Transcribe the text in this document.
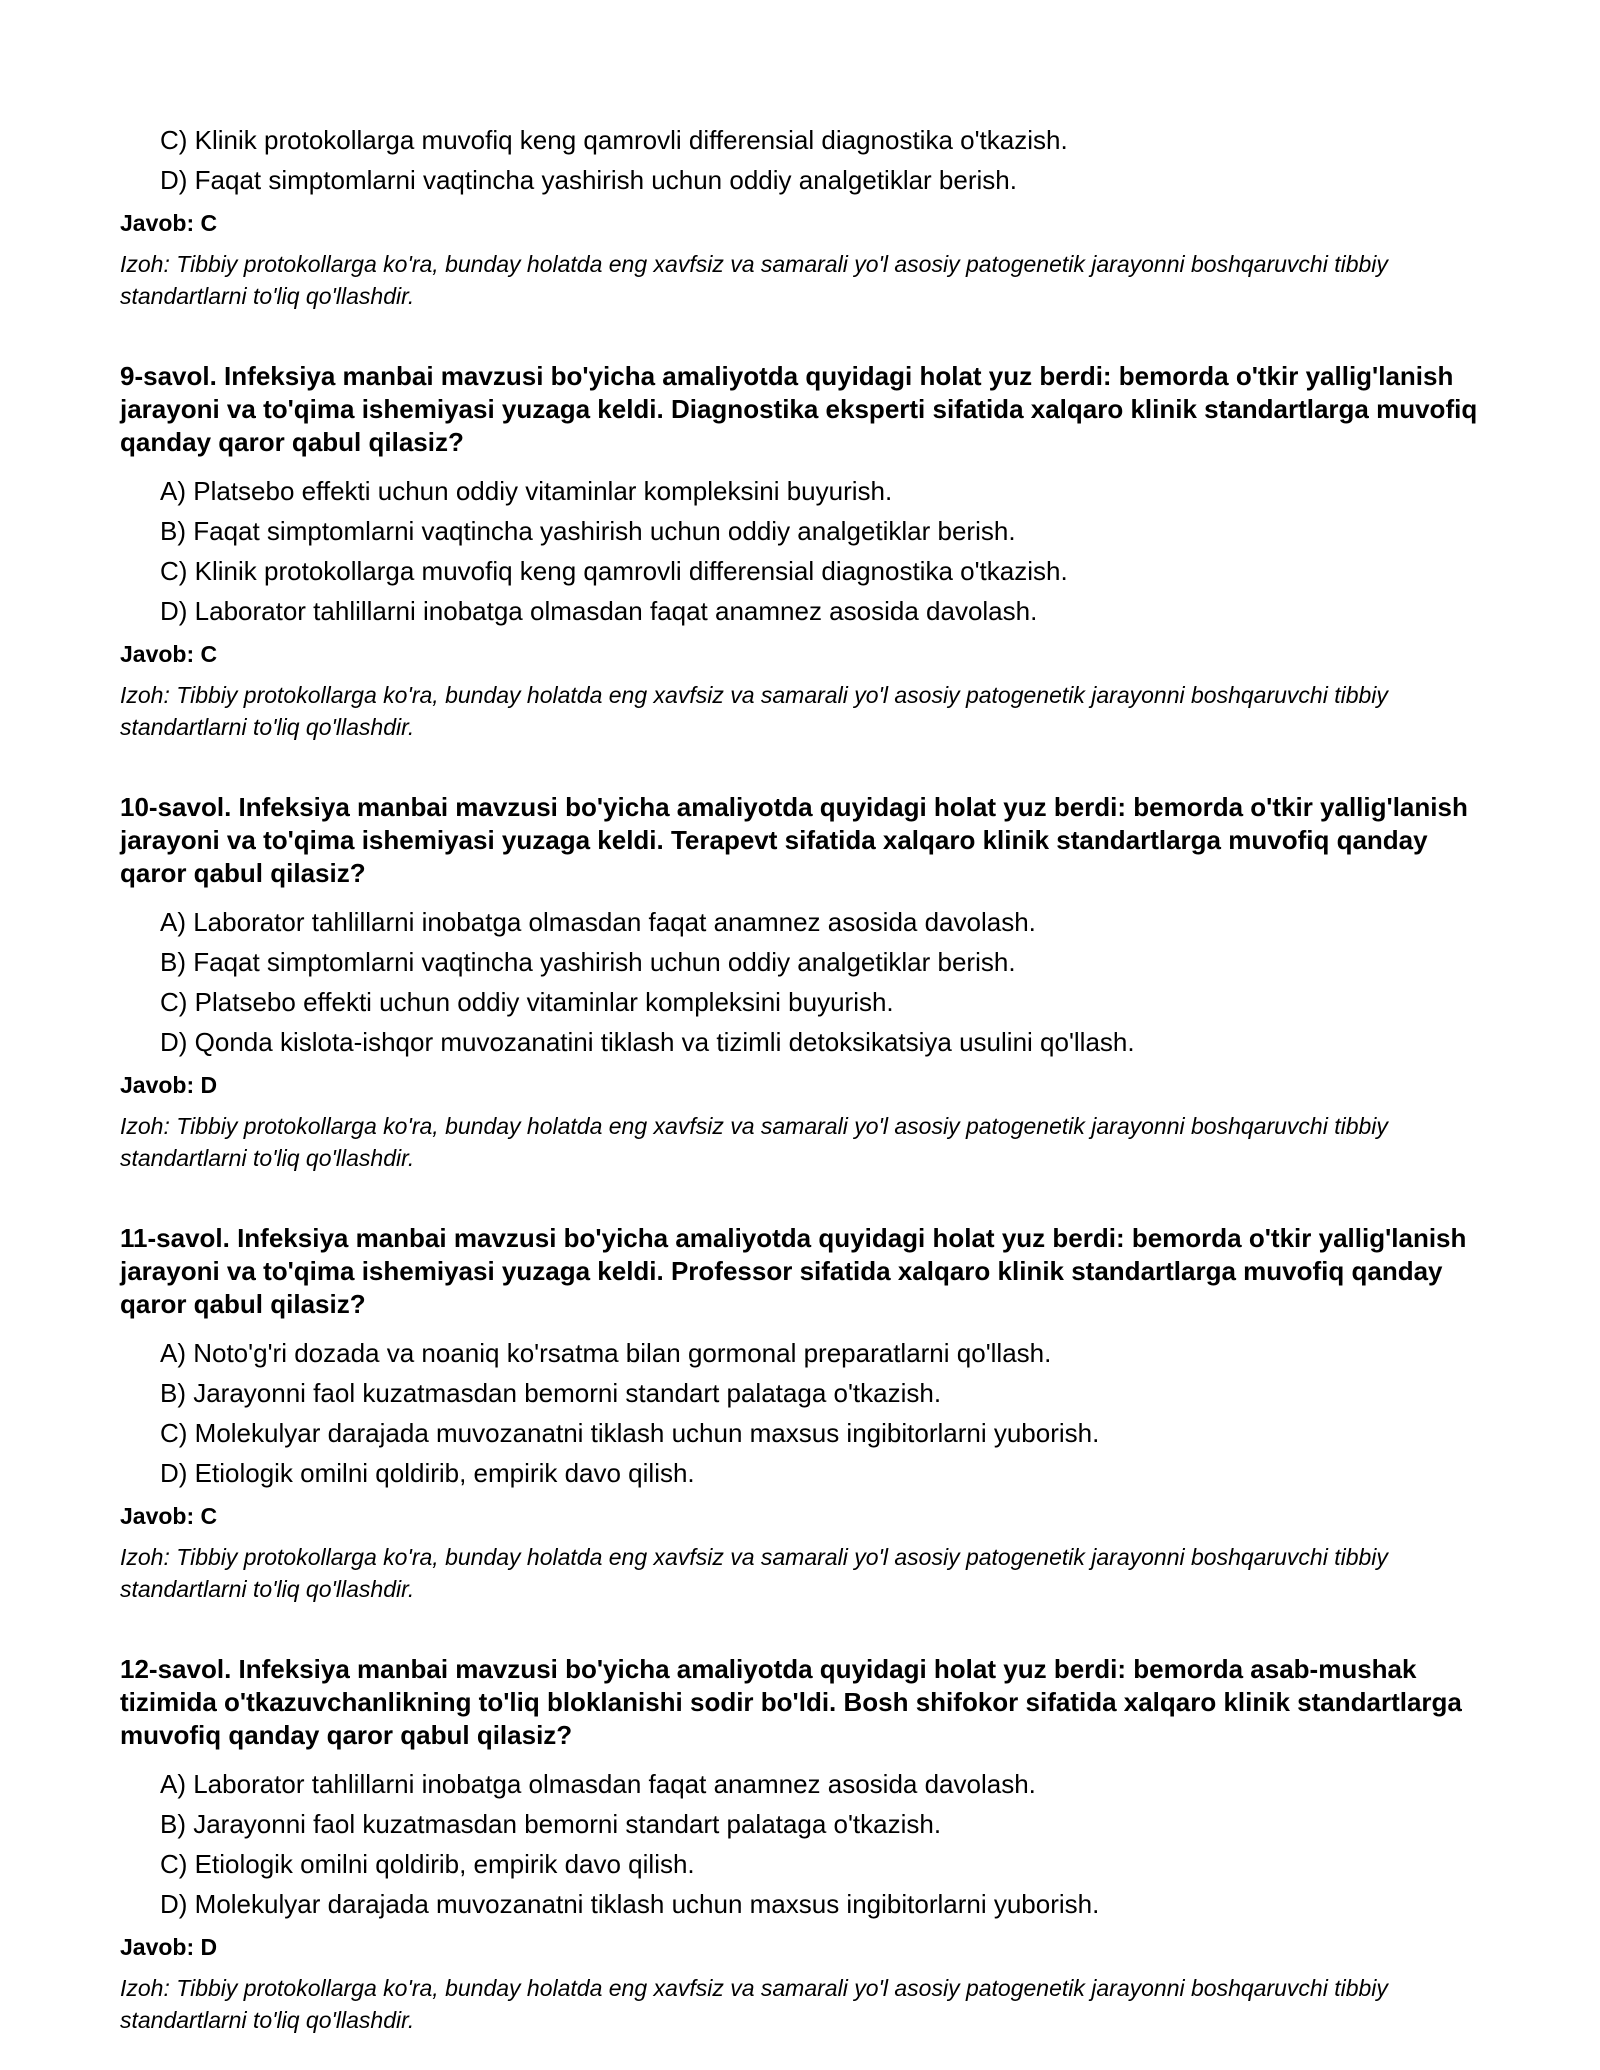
C) Klinik protokollarga muvofiq keng qamrovli differensial diagnostika o'tkazish.

D) Faqat simptomlarni vaqtincha yashirish uchun oddiy analgetiklar berish.

Javob: C
Izoh: Tibbiy protokollarga ko'ra, bunday holatda eng xavfsiz va samarali yo'l asosiy patogenetik jarayonni boshqaruvchi tibbiy standartlarni to'liq qo'llashdir.

9-savol. Infeksiya manbai mavzusi bo'yicha amaliyotda quyidagi holat yuz berdi: bemorda o'tkir yallig'lanish jarayoni va to'qima ishemiyasi yuzaga keldi. Diagnostika eksperti sifatida xalqaro klinik standartlarga muvofiq qanday qaror qabul qilasiz?

A) Platsebo effekti uchun oddiy vitaminlar kompleksini buyurish.

B) Faqat simptomlarni vaqtincha yashirish uchun oddiy analgetiklar berish.

C) Klinik protokollarga muvofiq keng qamrovli differensial diagnostika o'tkazish.

D) Laborator tahlillarni inobatga olmasdan faqat anamnez asosida davolash.

Javob: C
Izoh: Tibbiy protokollarga ko'ra, bunday holatda eng xavfsiz va samarali yo'l asosiy patogenetik jarayonni boshqaruvchi tibbiy standartlarni to'liq qo'llashdir.

10-savol. Infeksiya manbai mavzusi bo'yicha amaliyotda quyidagi holat yuz berdi: bemorda o'tkir yallig'lanish jarayoni va to'qima ishemiyasi yuzaga keldi. Terapevt sifatida xalqaro klinik standartlarga muvofiq qanday qaror qabul qilasiz?

A) Laborator tahlillarni inobatga olmasdan faqat anamnez asosida davolash.

B) Faqat simptomlarni vaqtincha yashirish uchun oddiy analgetiklar berish.

C) Platsebo effekti uchun oddiy vitaminlar kompleksini buyurish.

D) Qonda kislota-ishqor muvozanatini tiklash va tizimli detoksikatsiya usulini qo'llash.

Javob: D
Izoh: Tibbiy protokollarga ko'ra, bunday holatda eng xavfsiz va samarali yo'l asosiy patogenetik jarayonni boshqaruvchi tibbiy standartlarni to'liq qo'llashdir.

11-savol. Infeksiya manbai mavzusi bo'yicha amaliyotda quyidagi holat yuz berdi: bemorda o'tkir yallig'lanish jarayoni va to'qima ishemiyasi yuzaga keldi. Professor sifatida xalqaro klinik standartlarga muvofiq qanday qaror qabul qilasiz?

A) Noto'g'ri dozada va noaniq ko'rsatma bilan gormonal preparatlarni qo'llash.

B) Jarayonni faol kuzatmasdan bemorni standart palataga o'tkazish.

C) Molekulyar darajada muvozanatni tiklash uchun maxsus ingibitorlarni yuborish.

D) Etiologik omilni qoldirib, empirik davo qilish.

Javob: C
Izoh: Tibbiy protokollarga ko'ra, bunday holatda eng xavfsiz va samarali yo'l asosiy patogenetik jarayonni boshqaruvchi tibbiy standartlarni to'liq qo'llashdir.

12-savol. Infeksiya manbai mavzusi bo'yicha amaliyotda quyidagi holat yuz berdi: bemorda asab-mushak tizimida o'tkazuvchanlikning to'liq bloklanishi sodir bo'ldi. Bosh shifokor sifatida xalqaro klinik standartlarga muvofiq qanday qaror qabul qilasiz?

A) Laborator tahlillarni inobatga olmasdan faqat anamnez asosida davolash.

B) Jarayonni faol kuzatmasdan bemorni standart palataga o'tkazish.

C) Etiologik omilni qoldirib, empirik davo qilish.

D) Molekulyar darajada muvozanatni tiklash uchun maxsus ingibitorlarni yuborish.

Javob: D
Izoh: Tibbiy protokollarga ko'ra, bunday holatda eng xavfsiz va samarali yo'l asosiy patogenetik jarayonni boshqaruvchi tibbiy standartlarni to'liq qo'llashdir.
